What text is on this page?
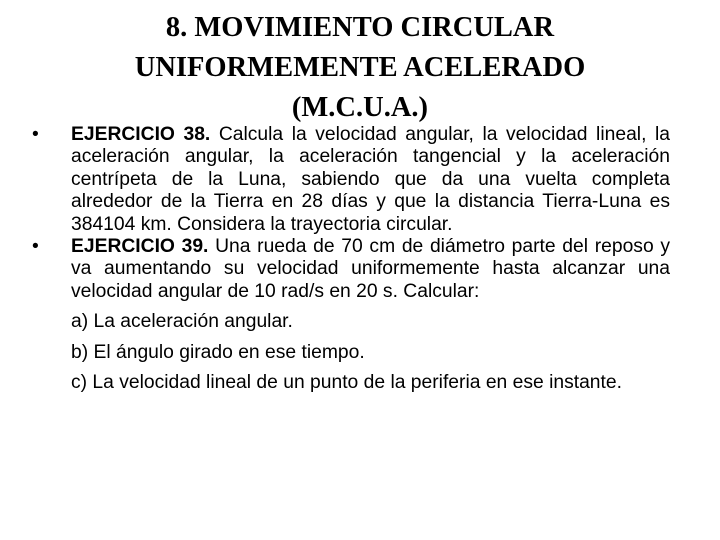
8. MOVIMIENTO CIRCULAR
UNIFORMEMENTE ACELERADO
(M.C.U.A.)

•	EJERCICIO 38. Calcula la velocidad angular, la velocidad lineal, la aceleración angular, la aceleración tangencial y la aceleración centrípeta de la Luna, sabiendo que da una vuelta completa alrededor de la Tierra en 28 días y que la distancia Tierra-Luna es 384104 km. Considera la trayectoria circular.

•	EJERCICIO 39. Una rueda de 70 cm de diámetro parte del reposo y va aumentando su velocidad uniformemente hasta alcanzar una velocidad angular de 10 rad/s en 20 s. Calcular:

a) La aceleración angular.
b) El ángulo girado en ese tiempo.
c) La velocidad lineal de un punto de la periferia en ese instante.
